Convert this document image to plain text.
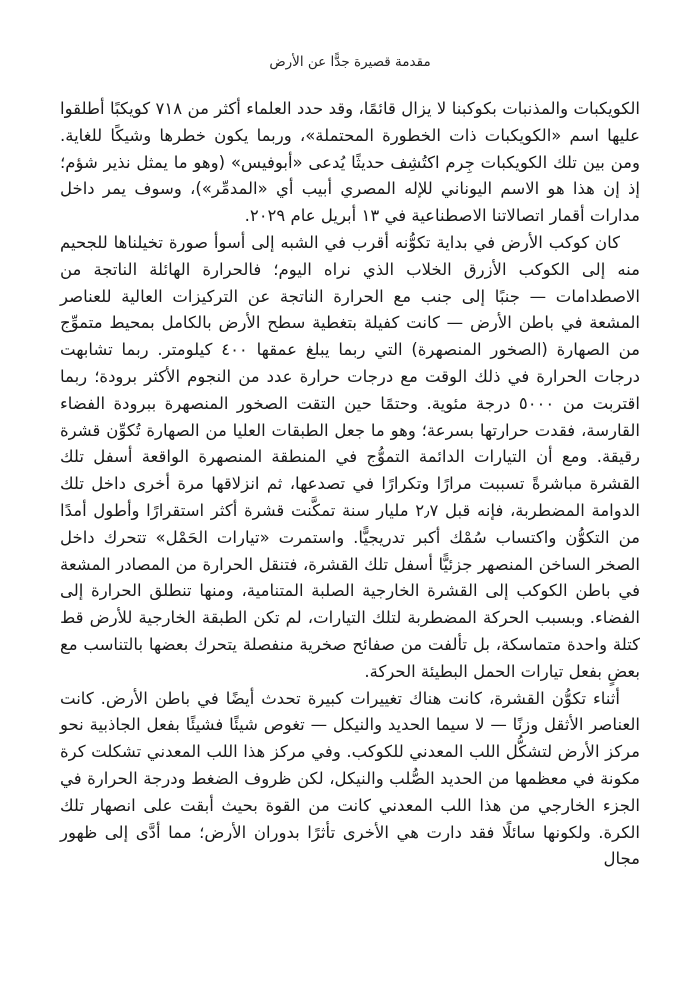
مقدمة قصيرة جدًّا عن الأرض

الكويكبات والمذنبات بكوكبنا لا يزال قائمًا، وقد حدد العلماء أكثر من ٧١٨ كويكبًا أطلقوا عليها اسم «الكويكبات ذات الخطورة المحتملة»، وربما يكون خطرها وشيكًا للغاية. ومن بين تلك الكويكبات جِرم اكتُشِف حديثًا يُدعى «أبوفيس» (وهو ما يمثل نذير شؤم؛ إذ إن هذا هو الاسم اليوناني للإله المصري أبيب أي «المدمِّر»)، وسوف يمر داخل مدارات أقمار اتصالاتنا الاصطناعية في ١٣ أبريل عام ٢٠٢٩.

كان كوكب الأرض في بداية تكوُّنه أقرب في الشبه إلى أسوأ صورة تخيلناها للجحيم منه إلى الكوكب الأزرق الخلاب الذي نراه اليوم؛ فالحرارة الهائلة الناتجة من الاصطدامات — جنبًا إلى جنب مع الحرارة الناتجة عن التركيزات العالية للعناصر المشعة في باطن الأرض — كانت كفيلة بتغطية سطح الأرض بالكامل بمحيط متموِّج من الصهارة (الصخور المنصهرة) التي ربما يبلغ عمقها ٤٠٠ كيلومتر. ربما تشابهت درجات الحرارة في ذلك الوقت مع درجات حرارة عدد من النجوم الأكثر برودة؛ ربما اقتربت من ٥٠٠٠ درجة مئوية. وحتمًا حين التقت الصخور المنصهرة ببرودة الفضاء القارسة، فقدت حرارتها بسرعة؛ وهو ما جعل الطبقات العليا من الصهارة تُكوِّن قشرة رقيقة. ومع أن التيارات الدائمة التموُّج في المنطقة المنصهرة الواقعة أسفل تلك القشرة مباشرةً تسببت مرارًا وتكرارًا في تصدعها، ثم انزلاقها مرة أخرى داخل تلك الدوامة المضطربة، فإنه قبل ٢٫٧ مليار سنة تمكَّنت قشرة أكثر استقرارًا وأطول أمدًا من التكوُّن واكتساب سُمْك أكبر تدريجيًّا. واستمرت «تيارات الحَمْل» تتحرك داخل الصخر الساخن المنصهر جزئيًّا أسفل تلك القشرة، فتنقل الحرارة من المصادر المشعة في باطن الكوكب إلى القشرة الخارجية الصلبة المتنامية، ومنها تنطلق الحرارة إلى الفضاء. وبسبب الحركة المضطربة لتلك التيارات، لم تكن الطبقة الخارجية للأرض قط كتلة واحدة متماسكة، بل تألفت من صفائح صخرية منفصلة يتحرك بعضها بالتناسب مع بعضٍ بفعل تيارات الحمل البطيئة الحركة.

أثناء تكوُّن القشرة، كانت هناك تغييرات كبيرة تحدث أيضًا في باطن الأرض. كانت العناصر الأثقل وزنًا — لا سيما الحديد والنيكل — تغوص شيئًا فشيئًا بفعل الجاذبية نحو مركز الأرض لتشكُّل اللب المعدني للكوكب. وفي مركز هذا اللب المعدني تشكلت كرة مكونة في معظمها من الحديد الصُّلب والنيكل، لكن ظروف الضغط ودرجة الحرارة في الجزء الخارجي من هذا اللب المعدني كانت من القوة بحيث أبقت على انصهار تلك الكرة. ولكونها سائلًا فقد دارت هي الأخرى تأثرًا بدوران الأرض؛ مما أدَّى إلى ظهور مجال
